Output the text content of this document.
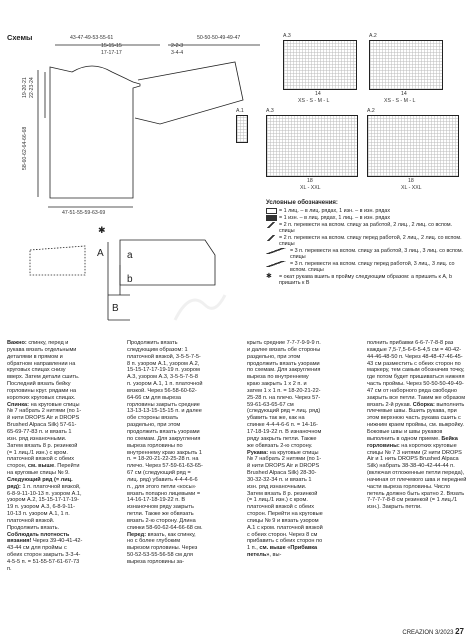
Схемы
✱
43-47-49-53-55-61
15-15-15
17-17-17
2-2-3
3-4-4
50-50-50-49-49-47
19-20-21 22-23-24
58-60-62-64-66-68
47-51-55-59-63-69
A a
b
B
A.3
14
XS - S - M - L
A.2
14
XS - S - M - L
A.1	A.3
18
XL - XXL
A.2
18
XL - XXL
Условные обозначения:
= 1 лиц. – в лиц. рядах, 1 изн. – в изн. рядах
= 1 изн. – в лиц. рядах, 1 лиц. – в изн. рядах
= 2 п. перевести на вспом. спицу за работой, 2 лиц., 2 лиц. со вспом. спицы
= 2 п. перевести на вспом. спицу перед работой, 2 лиц., 2 лиц. со вспом. спицы
= 3 п. перевести на вспом. спицу за работой, 3 лиц., 3 лиц. со вспом. спицы
= 3 п. перевести на вспом. спицу перед работой, 3 лиц., 3 лиц. со вспом. спицы
✱	= окат рукава вшить в пройму следующим образом: а пришить к А, b пришить к В

Важно: спинку, перед и рукава вязать отдельными деталями в прямом и обратном направлении на круговых спицах снизу вверх. Затем детали сшить. Последний вязать бейку горловины круг. рядами на коротких круговых спицах. Спинка: на круговые спицы № 7 набрать 2 нитями (по 1-й нити DROPS Air и DROPS Brushed Alpaca Silk) 57-61-65-69-77-83 п. и вязать 1 изн. ряд изнаночными. Затем вязать 8 р. резинкой (= 1 лиц./1 изн.) с кром. платочной вязкой с обеих сторон, см. выше. Перейти на круговые спицы № 9. Следующий ряд (= лиц. ряд): 1 п. платочной вязкой, 6-8-9-11-10-13 п. узором А.1, узором А.2, 15-15-17-17-19-19 п. узором А.3, 6-8-9-11-10-13 п. узором А.1, 1 п. платочной вязкой. Продолжить вязать. Соблюдать плотность вязания! Через 39-40-41-42-43-44 см для проймы с обеих сторон закрыть 3-3-4-4-5-5 п. = 51-55-57-61-67-73 п.

Продолжить вязать следующим образом: 1 платочной вязкой, 3-5-5-7-5-8 п. узором А.1, узором А.2, 15-15-17-17-19-19 п. узором А.3, узором А.3, 3-5-5-7-5-8 п. узором А.1, 1 п. платочной вязкой. Через 56-58-60-62-64-66 см для выреза горловины закрыть средние 13-13-13-15-15-15 п. и далее обе стороны вязать раздельно, при этом продолжить вязать узорами по схемам. Для закругления выреза горловины по внутреннему краю закрыть 1 п. = 18-20-21-22-25-28 п. на плечо. Через 57-59-61-63-65-67 см (следующий ряд = лиц. ряд) убавить 4-4-4-6-6 п., для этого петли «косы» вязать попарно лицевыми = 14-16-17-18-19-22 п. В изнаночном ряду закрыть петли. Также же обвязать вязать 2-ю сторону. Длина спинки 58-60-62-64-66-68 см. Перед: вязать, как спинку, но с более глубоким вырезом горловины. Через 50-52-53-55-56-58 см для выреза горловины за-

крыть средние 7-7-7-9-9-9 п. и далее вязать обе стороны раздельно, при этом продолжить вязать узорами по схемам. Для закругления выреза по внутреннему краю закрыть 1 х 2 п. и затем 1 х 1 п. = 18-20-21-22-25-28 п. на плечо. Через 57-59-61-63-65-67 см (следующий ряд = лиц. ряд) убавить так же, как на спинке 4-4-4-6-6 п. = 14-16-17-18-19-22 п. В изнаночном ряду закрыть петли. Также же обвязать 2-ю сторону. Рукава: на круговые спицы № 7 набрать 2 нитями (по 1-й нити DROPS Air и DROPS Brushed Alpaca Silk) 28-30-30-32-32-34 п. и вязать 1 изн. ряд изнаночными. Затем вязать 8 р. резинкой (= 1 лиц./1 изн.) с кром. платочной вязкой с обеих сторон. Перейти на круговые спицы № 9 и вязать узором А.1 с кром. платочной вязкой с обеих сторон. Через 8 см прибавить с обеих сторон по 1 п., см. выше «Прибавка петель», вы-

полнить прибавки 6-6-7-7-8-8 раз каждые 7,5-7,5-6-6-5-4,5 см = 40-42-44-46-48-50 п. Через 48-48-47-46-45-43 см разместить с обеих сторон по маркеру, тем самым обозначив точку, где потом будет пришиваться нижняя часть проймы. Через 50-50-50-49-49-47 см от наборного ряда свободно закрыть все петли. Таким же образом вязать 2-й рукав. Сборка: выполнить плечевые швы. Вшить рукава, при этом верхнюю часть рукава сшить с нижним краем проймы, см. выкройку. Боковые швы и швы рукавов выполнить в одном приеме. Бейка горловины: на коротких круговые спицы № 7 3 нитями (2 нити DROPS Air и 1 нить DROPS Brushed Alpaca Silk) набрать 38-38-40-42-44-44 п. (включая отложенные петли переда), начиная от плечевого шва и передней части выреза горловины. Число петель должно быть кратно 2. Вязать 7-7-7-7-8-8 см резинкой (= 1 лиц./1 изн.). Закрыть петли.

CREAZION 3/2023 27
